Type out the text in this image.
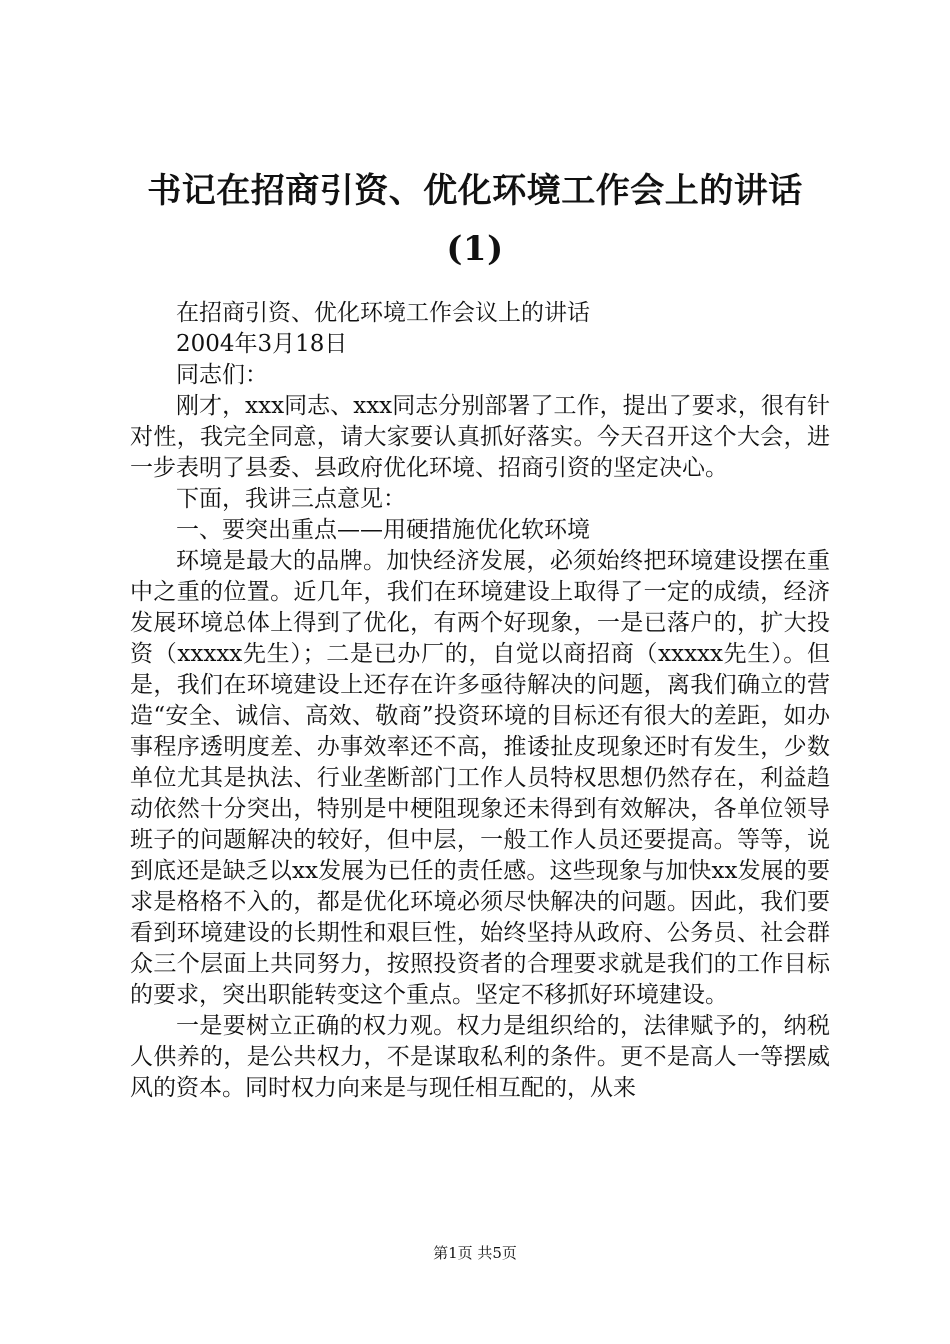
书记在招商引资、优化环境工作会上的讲话
(1)

在招商引资、优化环境工作会议上的讲话

2004年3月18日

同志们：

刚才，xxx同志、xxx同志分别部署了工作，提出了要求，很有针对性，我完全同意，请大家要认真抓好落实。今天召开这个大会，进一步表明了县委、县政府优化环境、招商引资的坚定决心。

下面，我讲三点意见：

一、要突出重点——用硬措施优化软环境

环境是最大的品牌。加快经济发展，必须始终把环境建设摆在重中之重的位置。近几年，我们在环境建设上取得了一定的成绩，经济发展环境总体上得到了优化，有两个好现象，一是已落户的，扩大投资（xxxxx先生）；二是已办厂的，自觉以商招商（xxxxx先生）。但是，我们在环境建设上还存在许多亟待解决的问题，离我们确立的营造“安全、诚信、高效、敬商”投资环境的目标还有很大的差距，如办事程序透明度差、办事效率还不高，推诿扯皮现象还时有发生，少数单位尤其是执法、行业垄断部门工作人员特权思想仍然存在，利益趋动依然十分突出，特别是中梗阻现象还未得到有效解决，各单位领导班子的问题解决的较好，但中层，一般工作人员还要提高。等等，说到底还是缺乏以xx发展为已任的责任感。这些现象与加快xx发展的要求是格格不入的，都是优化环境必须尽快解决的问题。因此，我们要看到环境建设的长期性和艰巨性，始终坚持从政府、公务员、社会群众三个层面上共同努力，按照投资者的合理要求就是我们的工作目标的要求，突出职能转变这个重点。坚定不移抓好环境建设。

一是要树立正确的权力观。权力是组织给的，法律赋予的，纳税人供养的，是公共权力，不是谋取私利的条件。更不是高人一等摆威风的资本。同时权力向来是与现任相互配的，从来

第1页 共5页
